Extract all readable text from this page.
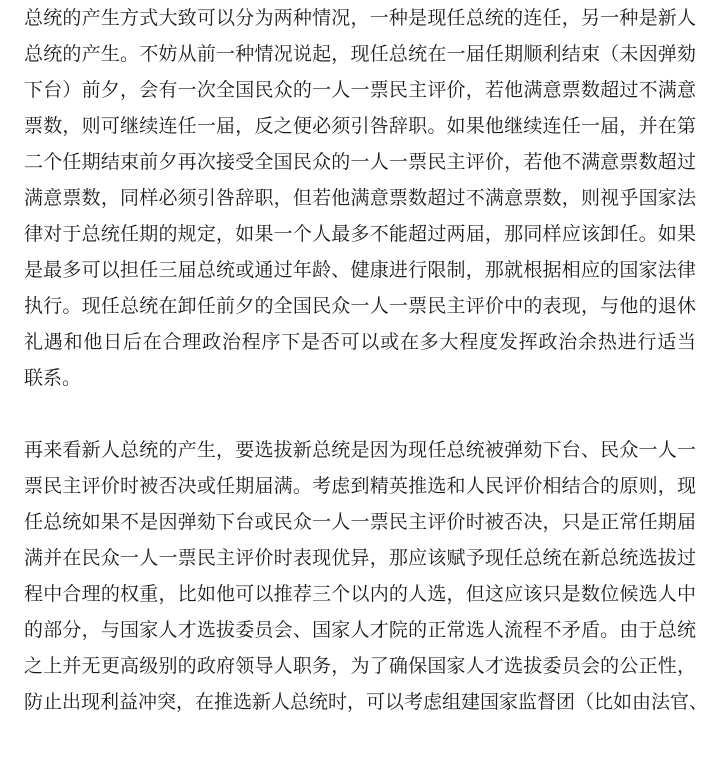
总统的产生方式大致可以分为两种情况，一种是现任总统的连任，另一种是新人
总统的产生。不妨从前一种情况说起，现任总统在一届任期顺利结束（未因弹劾
下台）前夕，会有一次全国民众的一人一票民主评价，若他满意票数超过不满意
票数，则可继续连任一届，反之便必须引咎辞职。如果他继续连任一届，并在第
二个任期结束前夕再次接受全国民众的一人一票民主评价，若他不满意票数超过
满意票数，同样必须引咎辞职，但若他满意票数超过不满意票数，则视乎国家法
律对于总统任期的规定，如果一个人最多不能超过两届，那同样应该卸任。如果
是最多可以担任三届总统或通过年龄、健康进行限制，那就根据相应的国家法律
执行。现任总统在卸任前夕的全国民众一人一票民主评价中的表现，与他的退休
礼遇和他日后在合理政治程序下是否可以或在多大程度发挥政治余热进行适当
联系。
再来看新人总统的产生，要选拔新总统是因为现任总统被弹劾下台、民众一人一
票民主评价时被否决或任期届满。考虑到精英推选和人民评价相结合的原则，现
任总统如果不是因弹劾下台或民众一人一票民主评价时被否决，只是正常任期届
满并在民众一人一票民主评价时表现优异，那应该赋予现任总统在新总统选拔过
程中合理的权重，比如他可以推荐三个以内的人选，但这应该只是数位候选人中
的部分，与国家人才选拔委员会、国家人才院的正常选人流程不矛盾。由于总统
之上并无更高级别的政府领导人职务，为了确保国家人才选拔委员会的公正性，
防止出现利益冲突，在推选新人总统时，可以考虑组建国家监督团（比如由法官、
